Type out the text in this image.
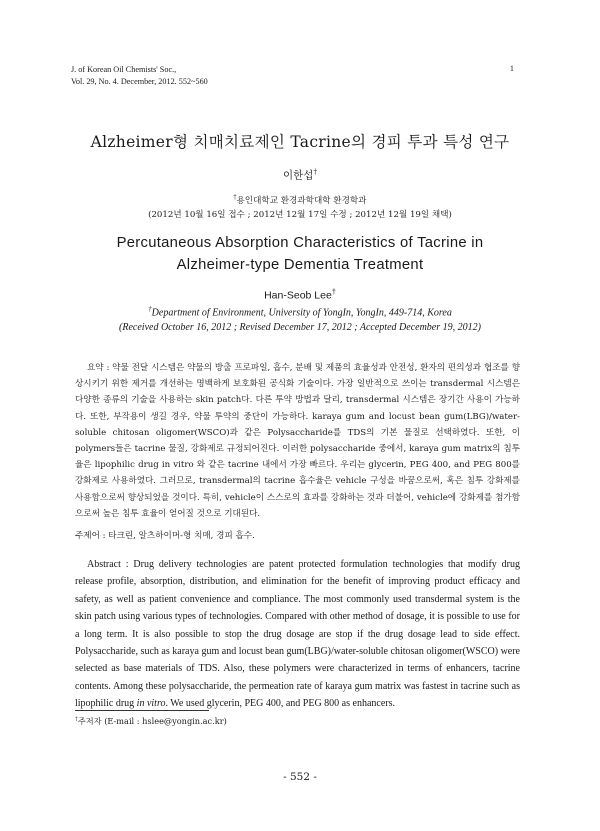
J. of Korean Oil Chemists' Soc.,
Vol. 29, No. 4. December, 2012. 552~560
1
Alzheimer형 치매치료제인 Tacrine의 경피 투과 특성 연구
이한섭†
†용인대학교 환경과학대학 환경학과
(2012년 10월 16일 접수 ; 2012년 12월 17일 수정 ; 2012년 12월 19일 채택)
Percutaneous Absorption Characteristics of Tacrine in
Alzheimer-type Dementia Treatment
Han-Seob Lee†
†Department of Environment, University of YongIn, YongIn, 449-714, Korea
(Received October 16, 2012 ; Revised December 17, 2012 ; Accepted December 19, 2012)
요약 : 약물 전달 시스템은 약물의 방출 프로파일, 흡수, 분배 및 제품의 효율성과 안전성, 환자의 편의성과 협조를 향상시키기 위한 제거를 개선하는 명백하게 보호화된 공식화 기술이다. 가장 일반적으로 쓰이는 transdermal 시스템은 다양한 종류의 기술을 사용하는 skin patch다. 다른 투약 방법과 달리, transdermal 시스템은 장기간 사용이 가능하다. 또한, 부작용이 생길 경우, 약물 투약의 중단이 가능하다. karaya gum and locust bean gum(LBG)/water-soluble chitosan oligomer(WSCO)과 같은 Polysaccharide를 TDS의 기본 물질로 선택하였다. 또한, 이 polymers들은 tacrine 물질, 강화제로 규정되어진다. 이러한 polysaccharide 중에서, karaya gum matrix의 침투율은 lipophilic drug in vitro 와 같은 tacrine 내에서 가장 빠르다. 우리는 glycerin, PEG 400, and PEG 800를 강화제로 사용하였다. 그러므로, transdermal의 tacrine 흡수율은 vehicle 구성을 바꿈으로써, 혹은 침투 강화제를 사용함으로써 향상되었을 것이다. 특히, vehicle이 스스로의 효과를 강화하는 것과 더불어, vehicle에 강화제를 첨가함으로써 높은 침투 효율이 얻어질 것으로 기대된다.
주제어 : 타크린, 알츠하이머-형 치매, 경피 흡수.
Abstract : Drug delivery technologies are patent protected formulation technologies that modify drug release profile, absorption, distribution, and elimination for the benefit of improving product efficacy and safety, as well as patient convenience and compliance. The most commonly used transdermal system is the skin patch using various types of technologies. Compared with other method of dosage, it is possible to use for a long term. It is also possible to stop the drug dosage are stop if the drug dosage lead to side effect. Polysaccharide, such as karaya gum and locust bean gum(LBG)/water-soluble chitosan oligomer(WSCO) were selected as base materials of TDS. Also, these polymers were characterized in terms of enhancers, tacrine contents. Among these polysaccharide, the permeation rate of karaya gum matrix was fastest in tacrine such as lipophilic drug in vitro. We used glycerin, PEG 400, and PEG 800 as enhancers.
†주저자 (E-mail : hslee@yongin.ac.kr)
- 552 -
